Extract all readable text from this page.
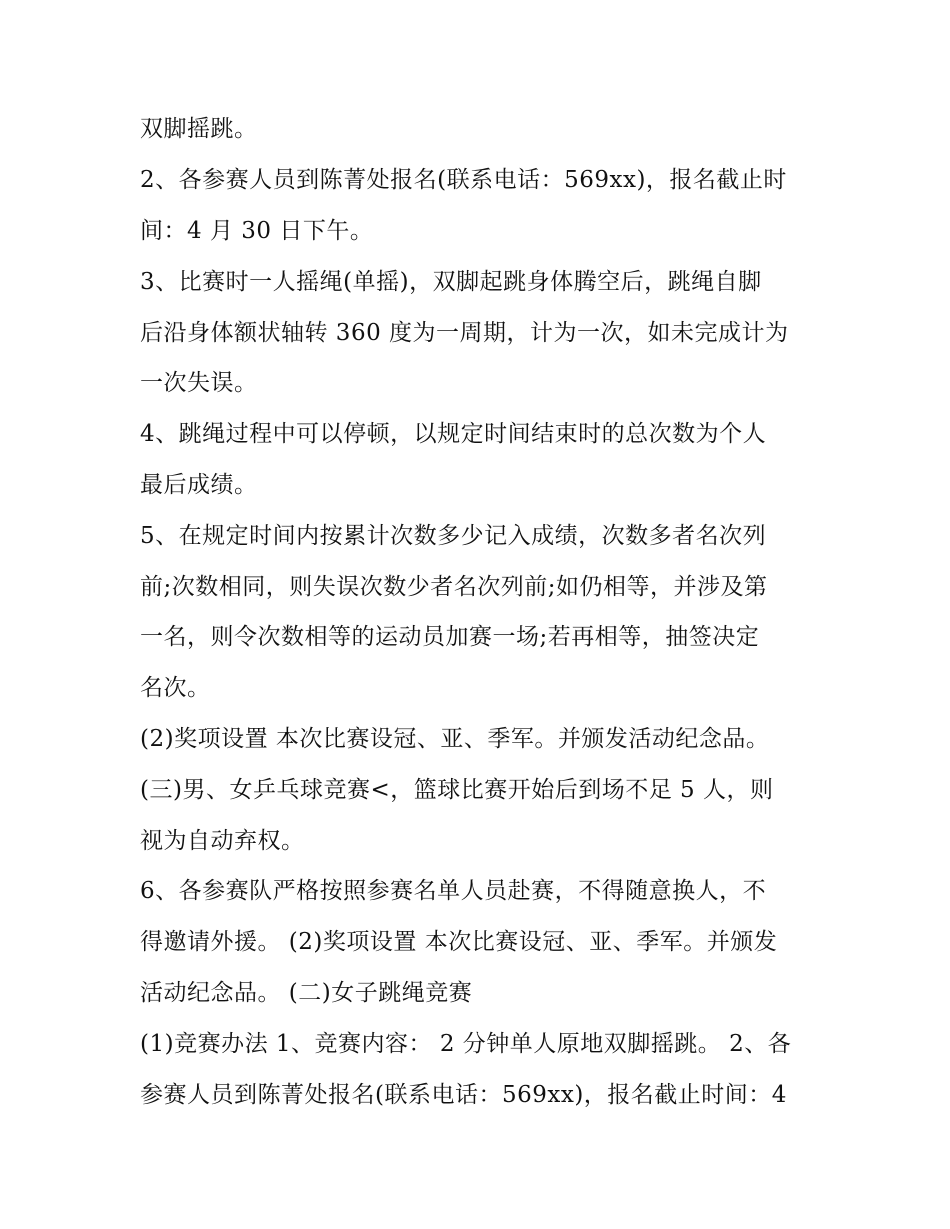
双脚摇跳。
2、各参赛人员到陈菁处报名(联系电话：569xx)，报名截止时
间：4 月 30 日下午。
3、比赛时一人摇绳(单摇)，双脚起跳身体腾空后，跳绳自脚
后沿身体额状轴转 360 度为一周期，计为一次，如未完成计为
一次失误。
4、跳绳过程中可以停顿，以规定时间结束时的总次数为个人
最后成绩。
5、在规定时间内按累计次数多少记入成绩，次数多者名次列
前;次数相同，则失误次数少者名次列前;如仍相等，并涉及第
一名，则令次数相等的运动员加赛一场;若再相等，抽签决定
名次。
(2)奖项设置 本次比赛设冠、亚、季军。并颁发活动纪念品。
(三)男、女乒乓球竞赛<，篮球比赛开始后到场不足 5 人，则
视为自动弃权。
6、各参赛队严格按照参赛名单人员赴赛，不得随意换人，不
得邀请外援。 (2)奖项设置 本次比赛设冠、亚、季军。并颁发
活动纪念品。 (二)女子跳绳竞赛
(1)竞赛办法 1、竞赛内容： 2 分钟单人原地双脚摇跳。 2、各
参赛人员到陈菁处报名(联系电话：569xx)，报名截止时间：4
